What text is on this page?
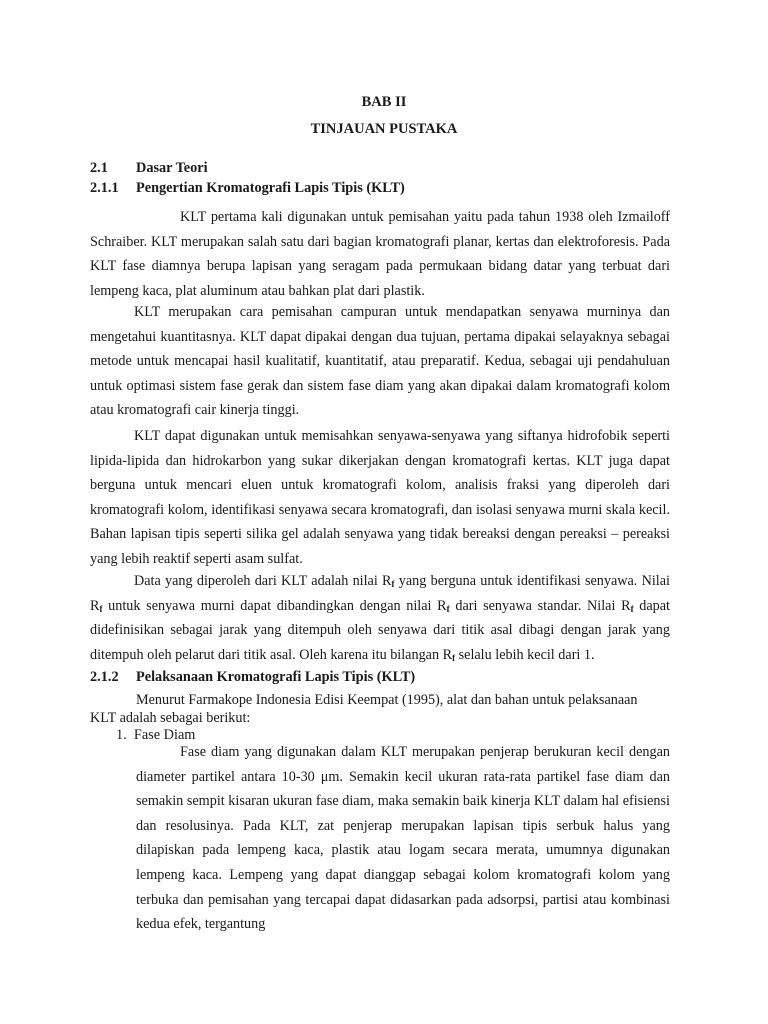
BAB II
TINJAUAN PUSTAKA
2.1 Dasar Teori
2.1.1 Pengertian Kromatografi Lapis Tipis (KLT)

KLT pertama kali digunakan untuk pemisahan yaitu pada tahun 1938 oleh Izmailoff Schraiber. KLT merupakan salah satu dari bagian kromatografi planar, kertas dan elektroforesis. Pada KLT fase diamnya berupa lapisan yang seragam pada permukaan bidang datar yang terbuat dari lempeng kaca, plat aluminum atau bahkan plat dari plastik.

KLT merupakan cara pemisahan campuran untuk mendapatkan senyawa murninya dan mengetahui kuantitasnya. KLT dapat dipakai dengan dua tujuan, pertama dipakai selayaknya sebagai metode untuk mencapai hasil kualitatif, kuantitatif, atau preparatif. Kedua, sebagai uji pendahuluan untuk optimasi sistem fase gerak dan sistem fase diam yang akan dipakai dalam kromatografi kolom atau kromatografi cair kinerja tinggi.

KLT dapat digunakan untuk memisahkan senyawa-senyawa yang siftanya hidrofobik seperti lipida-lipida dan hidrokarbon yang sukar dikerjakan dengan kromatografi kertas. KLT juga dapat berguna untuk mencari eluen untuk kromatografi kolom, analisis fraksi yang diperoleh dari kromatografi kolom, identifikasi senyawa secara kromatografi, dan isolasi senyawa murni skala kecil. Bahan lapisan tipis seperti silika gel adalah senyawa yang tidak bereaksi dengan pereaksi – pereaksi yang lebih reaktif seperti asam sulfat.

Data yang diperoleh dari KLT adalah nilai $R_f$ yang berguna untuk identifikasi senyawa. Nilai $R_f$ untuk senyawa murni dapat dibandingkan dengan nilai $R_f$ dari senyawa standar. Nilai $R_f$ dapat didefinisikan sebagai jarak yang ditempuh oleh senyawa dari titik asal dibagi dengan jarak yang ditempuh oleh pelarut dari titik asal. Oleh karena itu bilangan $R_f$ selalu lebih kecil dari 1.

2.1.2 Pelaksanaan Kromatografi Lapis Tipis (KLT)

Menurut Farmakope Indonesia Edisi Keempat (1995), alat dan bahan untuk pelaksanaan KLT adalah sebagai berikut:

1.  Fase Diam

Fase diam yang digunakan dalam KLT merupakan penjerap berukuran kecil dengan diameter partikel antara 10-30 μm. Semakin kecil ukuran rata-rata partikel fase diam dan semakin sempit kisaran ukuran fase diam, maka semakin baik kinerja KLT dalam hal efisiensi dan resolusinya. Pada KLT, zat penjerap merupakan lapisan tipis serbuk halus yang dilapiskan pada lempeng kaca, plastik atau logam secara merata, umumnya digunakan lempeng kaca. Lempeng yang dapat dianggap sebagai kolom kromatografi kolom yang terbuka dan pemisahan yang tercapai dapat didasarkan pada adsorpsi, partisi atau kombinasi kedua efek, tergantung
